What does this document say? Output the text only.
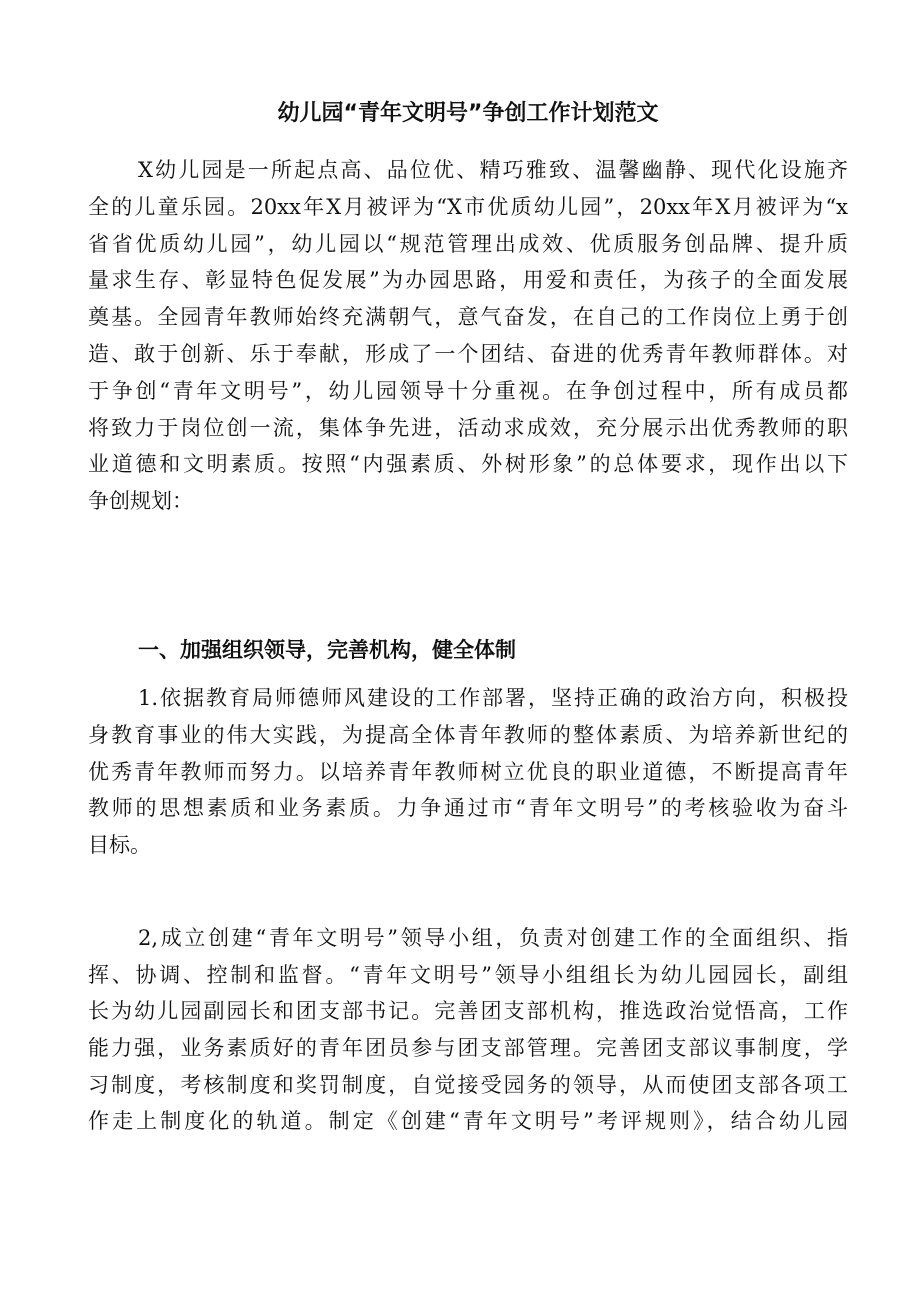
幼儿园“青年文明号”争创工作计划范文
X幼儿园是一所起点高、品位优、精巧雅致、温馨幽静、现代化设施齐
全的儿童乐园。20xx年X月被评为“X市优质幼儿园”，20xx年X月被评为“x
省省优质幼儿园”，幼儿园以“规范管理出成效、优质服务创品牌、提升质
量求生存、彰显特色促发展”为办园思路，用爱和责任，为孩子的全面发展
奠基。全园青年教师始终充满朝气，意气奋发，在自己的工作岗位上勇于创
造、敢于创新、乐于奉献，形成了一个团结、奋进的优秀青年教师群体。对
于争创“青年文明号”，幼儿园领导十分重视。在争创过程中，所有成员都
将致力于岗位创一流，集体争先进，活动求成效，充分展示出优秀教师的职
业道德和文明素质。按照“内强素质、外树形象”的总体要求，现作出以下
争创规划：
一、加强组织领导，完善机构，健全体制
1.依据教育局师德师风建设的工作部署，坚持正确的政治方向，积极投
身教育事业的伟大实践，为提高全体青年教师的整体素质、为培养新世纪的
优秀青年教师而努力。以培养青年教师树立优良的职业道德，不断提高青年
教师的思想素质和业务素质。力争通过市“青年文明号”的考核验收为奋斗
目标。
2,成立创建“青年文明号”领导小组，负责对创建工作的全面组织、指
挥、协调、控制和监督。“青年文明号”领导小组组长为幼儿园园长，副组
长为幼儿园副园长和团支部书记。完善团支部机构，推选政治觉悟高，工作
能力强，业务素质好的青年团员参与团支部管理。完善团支部议事制度，学
习制度，考核制度和奖罚制度，自觉接受园务的领导，从而使团支部各项工
作走上制度化的轨道。制定《创建“青年文明号”考评规则》，结合幼儿园
